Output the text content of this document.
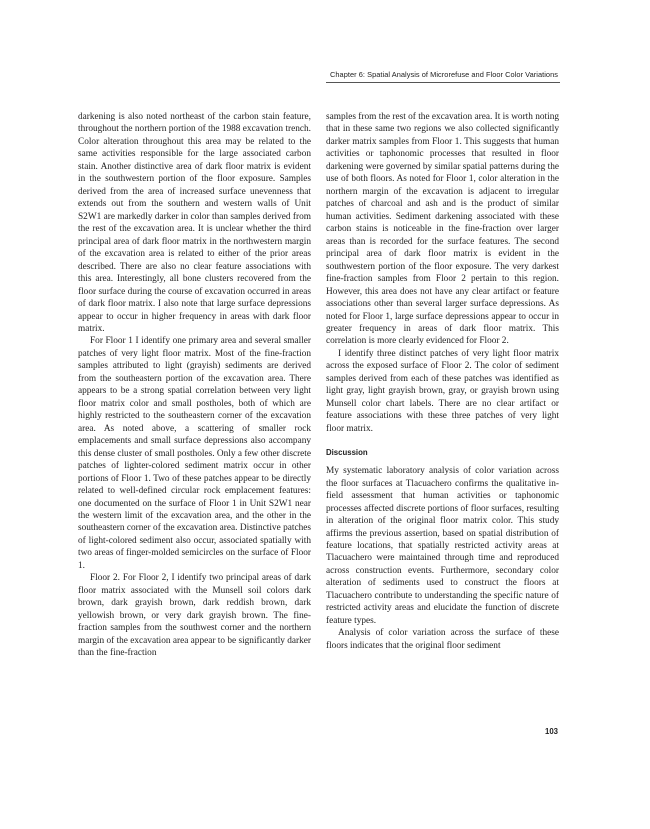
Chapter 6: Spatial Analysis of Microrefuse and Floor Color Variations

darkening is also noted northeast of the carbon stain feature, throughout the northern portion of the 1988 excavation trench. Color alteration throughout this area may be related to the same activities responsible for the large associated carbon stain. Another distinctive area of dark floor matrix is evident in the southwestern portion of the floor exposure. Samples derived from the area of increased surface unevenness that extends out from the southern and western walls of Unit S2W1 are markedly darker in color than samples derived from the rest of the excavation area. It is unclear whether the third principal area of dark floor matrix in the northwestern margin of the excavation area is related to either of the prior areas described. There are also no clear feature associations with this area. Interestingly, all bone clusters recovered from the floor surface during the course of excavation occurred in areas of dark floor matrix. I also note that large surface depressions appear to occur in higher frequency in areas with dark floor matrix.

For Floor 1 I identify one primary area and several smaller patches of very light floor matrix. Most of the fine-fraction samples attributed to light (grayish) sediments are derived from the southeastern portion of the excavation area. There appears to be a strong spatial correlation between very light floor matrix color and small postholes, both of which are highly restricted to the southeastern corner of the excavation area. As noted above, a scattering of smaller rock emplacements and small surface depressions also accompany this dense cluster of small postholes. Only a few other discrete patches of lighter-colored sediment matrix occur in other portions of Floor 1. Two of these patches appear to be directly related to well-defined circular rock emplacement features: one documented on the surface of Floor 1 in Unit S2W1 near the western limit of the excavation area, and the other in the southeastern corner of the excavation area. Distinctive patches of light-colored sediment also occur, associated spatially with two areas of finger-molded semicircles on the surface of Floor 1.

Floor 2. For Floor 2, I identify two principal areas of dark floor matrix associated with the Munsell soil colors dark brown, dark grayish brown, dark reddish brown, dark yellowish brown, or very dark grayish brown. The fine-fraction samples from the southwest corner and the northern margin of the excavation area appear to be significantly darker than the fine-fraction

samples from the rest of the excavation area. It is worth noting that in these same two regions we also collected significantly darker matrix samples from Floor 1. This suggests that human activities or taphonomic processes that resulted in floor darkening were governed by similar spatial patterns during the use of both floors. As noted for Floor 1, color alteration in the northern margin of the excavation is adjacent to irregular patches of charcoal and ash and is the product of similar human activities. Sediment darkening associated with these carbon stains is noticeable in the fine-fraction over larger areas than is recorded for the surface features. The second principal area of dark floor matrix is evident in the southwestern portion of the floor exposure. The very darkest fine-fraction samples from Floor 2 pertain to this region. However, this area does not have any clear artifact or feature associations other than several larger surface depressions. As noted for Floor 1, large surface depressions appear to occur in greater frequency in areas of dark floor matrix. This correlation is more clearly evidenced for Floor 2.

I identify three distinct patches of very light floor matrix across the exposed surface of Floor 2. The color of sediment samples derived from each of these patches was identified as light gray, light grayish brown, gray, or grayish brown using Munsell color chart labels. There are no clear artifact or feature associations with these three patches of very light floor matrix.

Discussion

My systematic laboratory analysis of color variation across the floor surfaces at Tlacuachero confirms the qualitative in-field assessment that human activities or taphonomic processes affected discrete portions of floor surfaces, resulting in alteration of the original floor matrix color. This study affirms the previous assertion, based on spatial distribution of feature locations, that spatially restricted activity areas at Tlacuachero were maintained through time and reproduced across construction events. Furthermore, secondary color alteration of sediments used to construct the floors at Tlacuachero contribute to understanding the specific nature of restricted activity areas and elucidate the function of discrete feature types.

Analysis of color variation across the surface of these floors indicates that the original floor sediment

103
